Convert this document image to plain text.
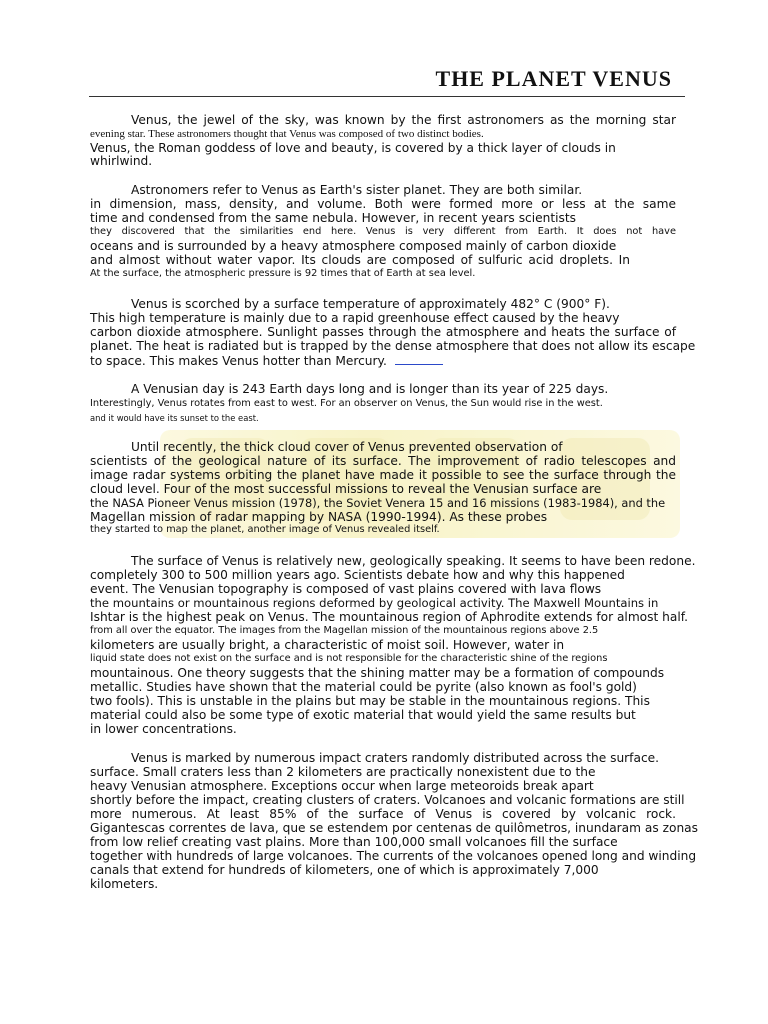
THE PLANET VENUS
Venus, the jewel of the sky, was known by the first astronomers as the morning star
evening star. These astronomers thought that Venus was composed of two distinct bodies.
Venus, the Roman goddess of love and beauty, is covered by a thick layer of clouds in
whirlwind.
Astronomers refer to Venus as Earth's sister planet. They are both similar.
in dimension, mass, density, and volume. Both were formed more or less at the same
time and condensed from the same nebula. However, in recent years scientists
they discovered that the similarities end here. Venus is very different from Earth. It does not have
oceans and is surrounded by a heavy atmosphere composed mainly of carbon dioxide
and almost without water vapor. Its clouds are composed of sulfuric acid droplets. In
At the surface, the atmospheric pressure is 92 times that of Earth at sea level.
Venus is scorched by a surface temperature of approximately 482° C (900° F).
This high temperature is mainly due to a rapid greenhouse effect caused by the heavy
carbon dioxide atmosphere. Sunlight passes through the atmosphere and heats the surface of
planet. The heat is radiated but is trapped by the dense atmosphere that does not allow its escape
to space. This makes Venus hotter than Mercury.
A Venusian day is 243 Earth days long and is longer than its year of 225 days.
Interestingly, Venus rotates from east to west. For an observer on Venus, the Sun would rise in the west.
and it would have its sunset to the east.
Until recently, the thick cloud cover of Venus prevented observation of
scientists of the geological nature of its surface. The improvement of radio telescopes and
image radar systems orbiting the planet have made it possible to see the surface through the
cloud level. Four of the most successful missions to reveal the Venusian surface are
the NASA Pioneer Venus mission (1978), the Soviet Venera 15 and 16 missions (1983-1984), and the
Magellan mission of radar mapping by NASA (1990-1994). As these probes
they started to map the planet, another image of Venus revealed itself.
The surface of Venus is relatively new, geologically speaking. It seems to have been redone.
completely 300 to 500 million years ago. Scientists debate how and why this happened
event. The Venusian topography is composed of vast plains covered with lava flows
the mountains or mountainous regions deformed by geological activity. The Maxwell Mountains in
Ishtar is the highest peak on Venus. The mountainous region of Aphrodite extends for almost half.
from all over the equator. The images from the Magellan mission of the mountainous regions above 2.5
kilometers are usually bright, a characteristic of moist soil. However, water in
liquid state does not exist on the surface and is not responsible for the characteristic shine of the regions
mountainous. One theory suggests that the shining matter may be a formation of compounds
metallic. Studies have shown that the material could be pyrite (also known as fool's gold)
two fools). This is unstable in the plains but may be stable in the mountainous regions. This
material could also be some type of exotic material that would yield the same results but
in lower concentrations.
Venus is marked by numerous impact craters randomly distributed across the surface.
surface. Small craters less than 2 kilometers are practically nonexistent due to the
heavy Venusian atmosphere. Exceptions occur when large meteoroids break apart
shortly before the impact, creating clusters of craters. Volcanoes and volcanic formations are still
more numerous. At least 85% of the surface of Venus is covered by volcanic rock.
Gigantescas correntes de lava, que se estendem por centenas de quilômetros, inundaram as zonas
from low relief creating vast plains. More than 100,000 small volcanoes fill the surface
together with hundreds of large volcanoes. The currents of the volcanoes opened long and winding
canals that extend for hundreds of kilometers, one of which is approximately 7,000
kilometers.
